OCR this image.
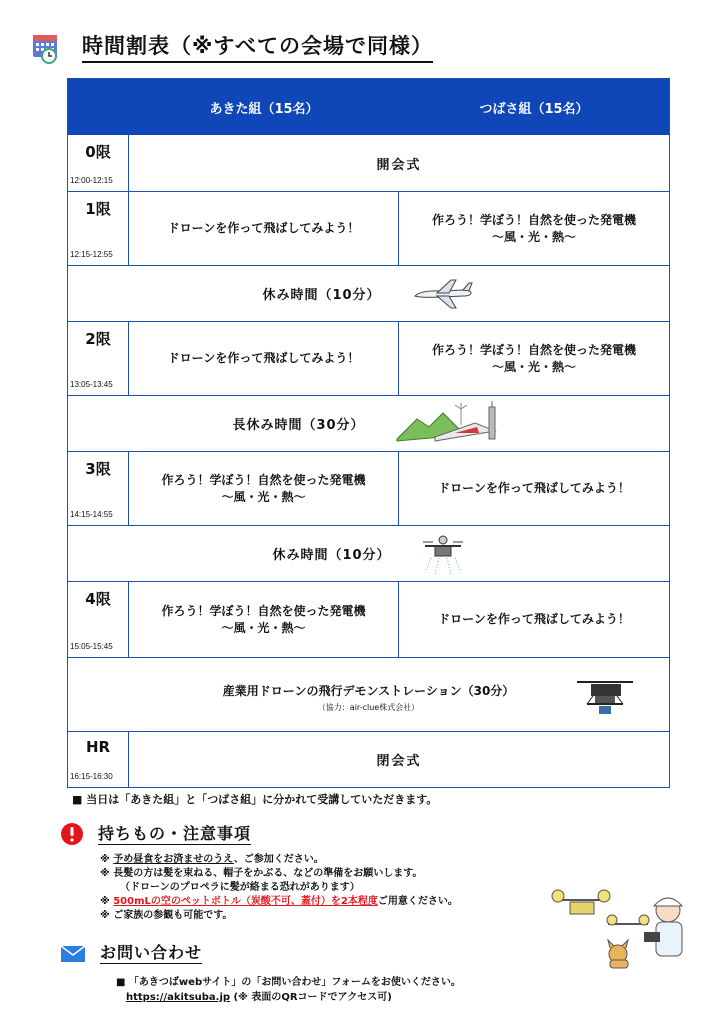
時間割表（※すべての会場で同様）
あきた組（15名）	つばさ組（15名）
0限
12:00-12:15
開会式
1限
12:15-12:55
ドローンを作って飛ばしてみよう！
作ろう！学ぼう！自然を使った発電機
〜風・光・熱〜
休み時間（10分）
2限
13:05-13:45
ドローンを作って飛ばしてみよう！
作ろう！学ぼう！自然を使った発電機
〜風・光・熱〜
長休み時間（30分）
3限
14:15-14:55
作ろう！学ぼう！自然を使った発電機
〜風・光・熱〜
ドローンを作って飛ばしてみよう！
休み時間（10分）
4限
15:05-15:45
作ろう！学ぼう！自然を使った発電機
〜風・光・熱〜
ドローンを作って飛ばしてみよう！
産業用ドローンの飛行デモンストレーション（30分）
（協力：air-clue株式会社）
HR
16:15-16:30
閉会式
■ 当日は「あきた組」と「つばさ組」に分かれて受講していただきます。
持ちもの・注意事項
※ 予め昼食をお済ませのうえ、ご参加ください。
※ 長髪の方は髪を束ねる、帽子をかぶる、などの準備をお願いします。
（ドローンのプロペラに髪が絡まる恐れがあります）
※ 500mLの空のペットボトル（炭酸不可、蓋付）を2本程度ご用意ください。
※ ご家族の参観も可能です。
お問い合わせ
■ 「あきつばwebサイト」の「お問い合わせ」フォームをお使いください。
https://akitsuba.jp (※ 表面のQRコードでアクセス可)
